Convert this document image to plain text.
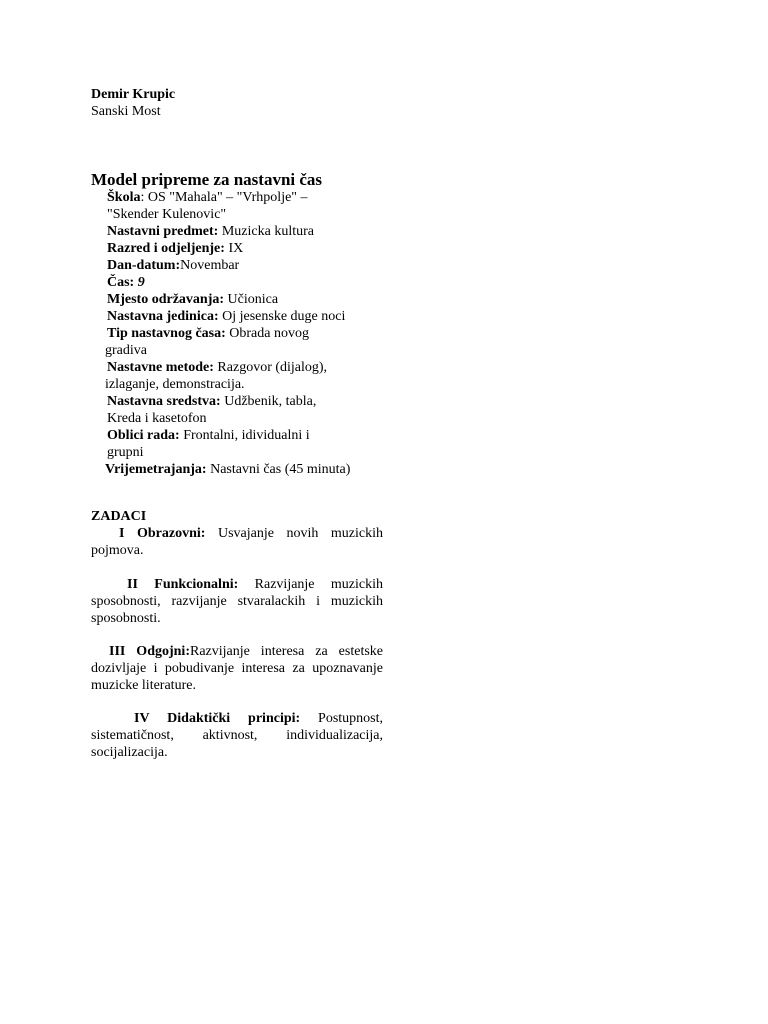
Demir Krupic
Sanski Most
Model pripreme za nastavni čas
Škola: OS "Mahala" – "Vrhpolje" –
"Skender Kulenovic"
Nastavni predmet: Muzicka kultura
Razred i odjeljenje: IX
Dan-datum:Novembar
Čas: 9
Mjesto održavanja: Učionica
Nastavna jedinica: Oj jesenske duge noci
Tip nastavnog časa: Obrada novog
gradiva
Nastavne metode: Razgovor (dijalog),
izlaganje, demonstracija.
Nastavna sredstva: Udžbenik, tabla,
Kreda i kasetofon
Oblici rada: Frontalni, idividualni i
grupni
Vrijemetrajanja: Nastavni čas (45 minuta)
ZADACI
I Obrazovni: Usvajanje novih muzickih pojmova.
II Funkcionalni: Razvijanje muzickih sposobnosti, razvijanje stvaralackih i muzickih sposobnosti.
III Odgojni:Razvijanje interesa za estetske dozivljaje i pobudivanje interesa za upoznavanje muzicke literature.
IV Didaktički principi: Postupnost, sistematičnost, aktivnost, individualizacija, socijalizacija.
